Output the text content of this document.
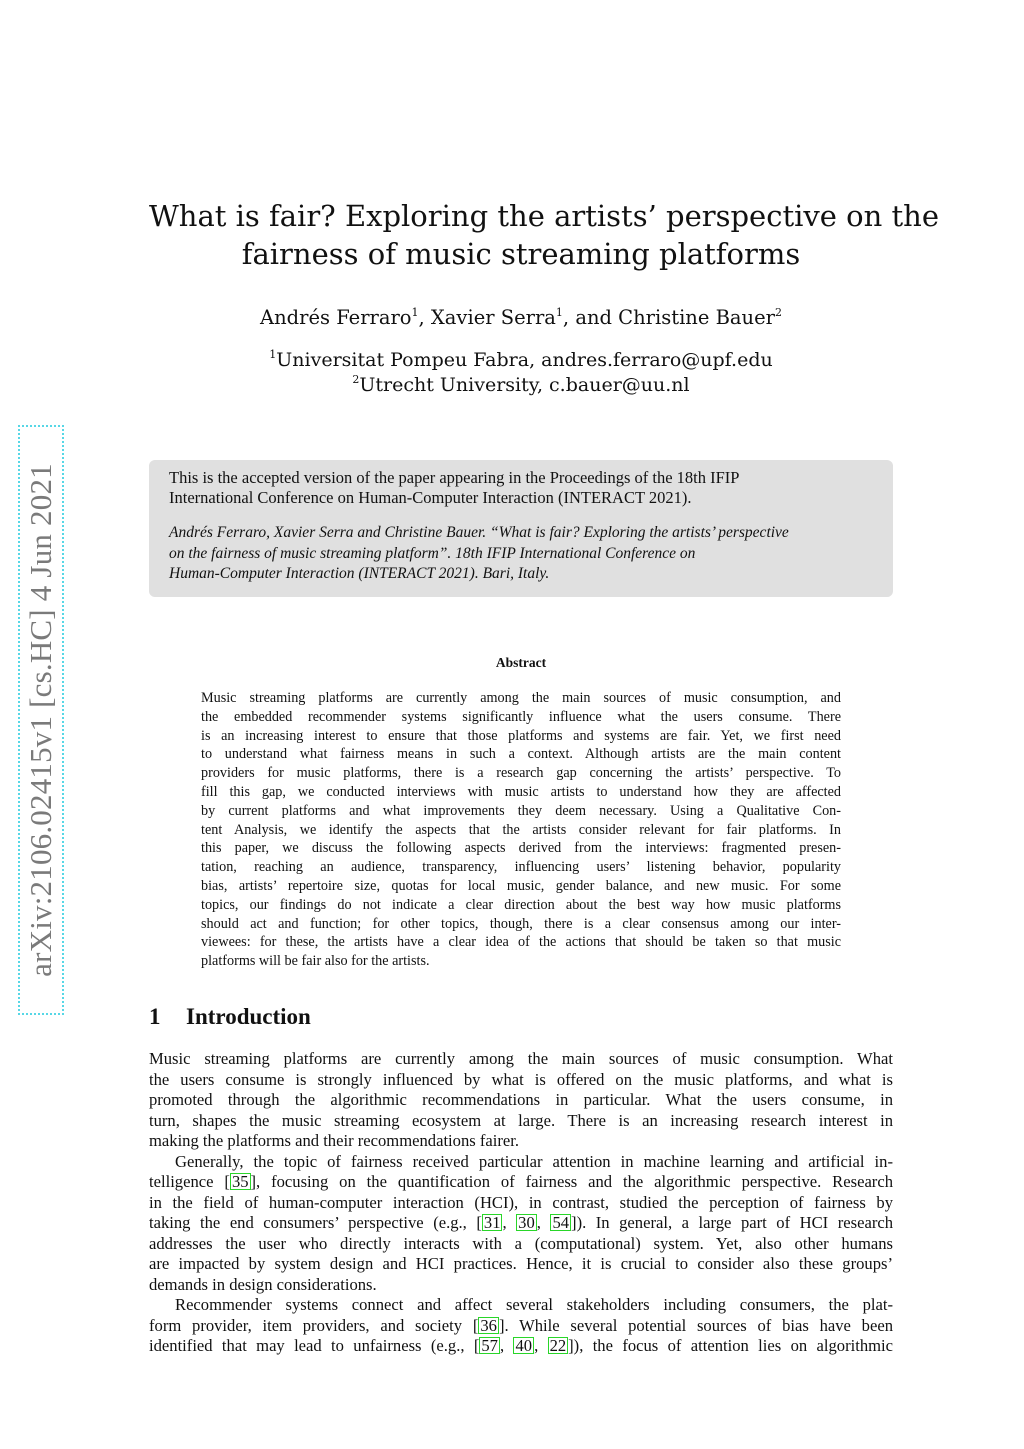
arXiv:2106.02415v1 [cs.HC] 4 Jun 2021
What is fair? Exploring the artists’ perspective on the
fairness of music streaming platforms
Andrés Ferraro$^1$, Xavier Serra$^1$, and Christine Bauer$^2$
$^1$Universitat Pompeu Fabra, andres.ferraro@upf.edu
$^2$Utrecht University, c.bauer@uu.nl
This is the accepted version of the paper appearing in the Proceedings of the 18th IFIP
International Conference on Human-Computer Interaction (INTERACT 2021).
Andrés Ferraro, Xavier Serra and Christine Bauer. “What is fair? Exploring the artists’ perspective
on the fairness of music streaming platform”. 18th IFIP International Conference on
Human-Computer Interaction (INTERACT 2021). Bari, Italy.
Abstract
Music streaming platforms are currently among the main sources of music consumption, and
the embedded recommender systems significantly influence what the users consume. There
is an increasing interest to ensure that those platforms and systems are fair. Yet, we first need
to understand what fairness means in such a context. Although artists are the main content
providers for music platforms, there is a research gap concerning the artists’ perspective. To
fill this gap, we conducted interviews with music artists to understand how they are affected
by current platforms and what improvements they deem necessary. Using a Qualitative Con-
tent Analysis, we identify the aspects that the artists consider relevant for fair platforms. In
this paper, we discuss the following aspects derived from the interviews: fragmented presen-
tation, reaching an audience, transparency, influencing users’ listening behavior, popularity
bias, artists’ repertoire size, quotas for local music, gender balance, and new music. For some
topics, our findings do not indicate a clear direction about the best way how music platforms
should act and function; for other topics, though, there is a clear consensus among our inter-
viewees: for these, the artists have a clear idea of the actions that should be taken so that music
platforms will be fair also for the artists.
1 Introduction
Music streaming platforms are currently among the main sources of music consumption. What
the users consume is strongly influenced by what is offered on the music platforms, and what is
promoted through the algorithmic recommendations in particular. What the users consume, in
turn, shapes the music streaming ecosystem at large. There is an increasing research interest in
making the platforms and their recommendations fairer.
Generally, the topic of fairness received particular attention in machine learning and artificial in-
telligence [ 35 ], focusing on the quantification of fairness and the algorithmic perspective. Research
in the field of human-computer interaction (HCI), in contrast, studied the perception of fairness by
taking the end consumers’ perspective (e.g., [ 31 , 30 , 54 ]). In general, a large part of HCI research
addresses the user who directly interacts with a (computational) system. Yet, also other humans
are impacted by system design and HCI practices. Hence, it is crucial to consider also these groups’
demands in design considerations.
Recommender systems connect and affect several stakeholders including consumers, the plat-
form provider, item providers, and society [ 36 ]. While several potential sources of bias have been
identified that may lead to unfairness (e.g., [ 57 , 40 , 22 ]), the focus of attention lies on algorithmic
